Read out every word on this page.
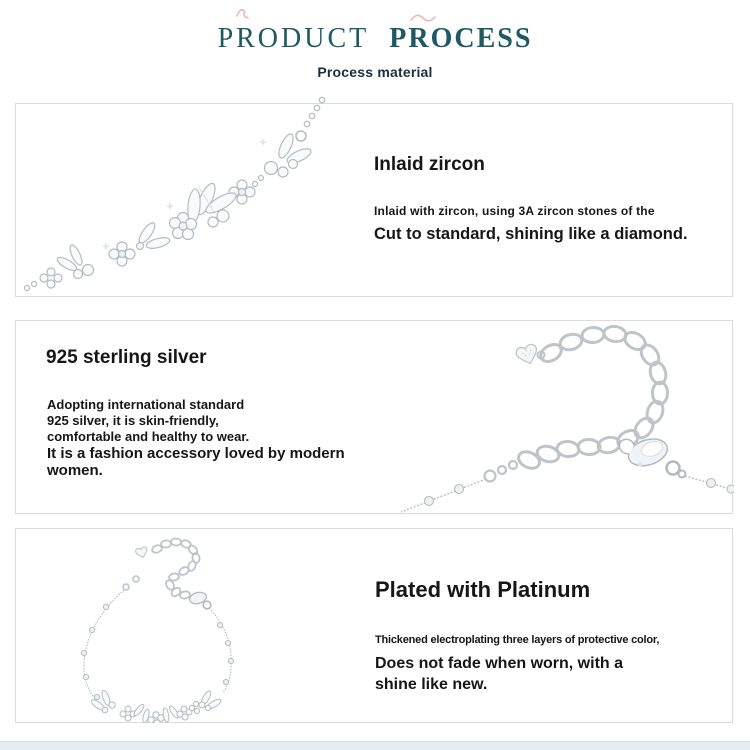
PRODUCT PROCESS
Process material
Inlaid zircon
Inlaid with zircon, using 3A zircon stones of the
Cut to standard, shining like a diamond.
925 sterling silver
Adopting international standard
925 silver, it is skin-friendly,
comfortable and healthy to wear.
It is a fashion accessory loved by modern women.
Plated with Platinum
Thickened electroplating three layers of protective color,
Does not fade when worn, with a shine like new.
